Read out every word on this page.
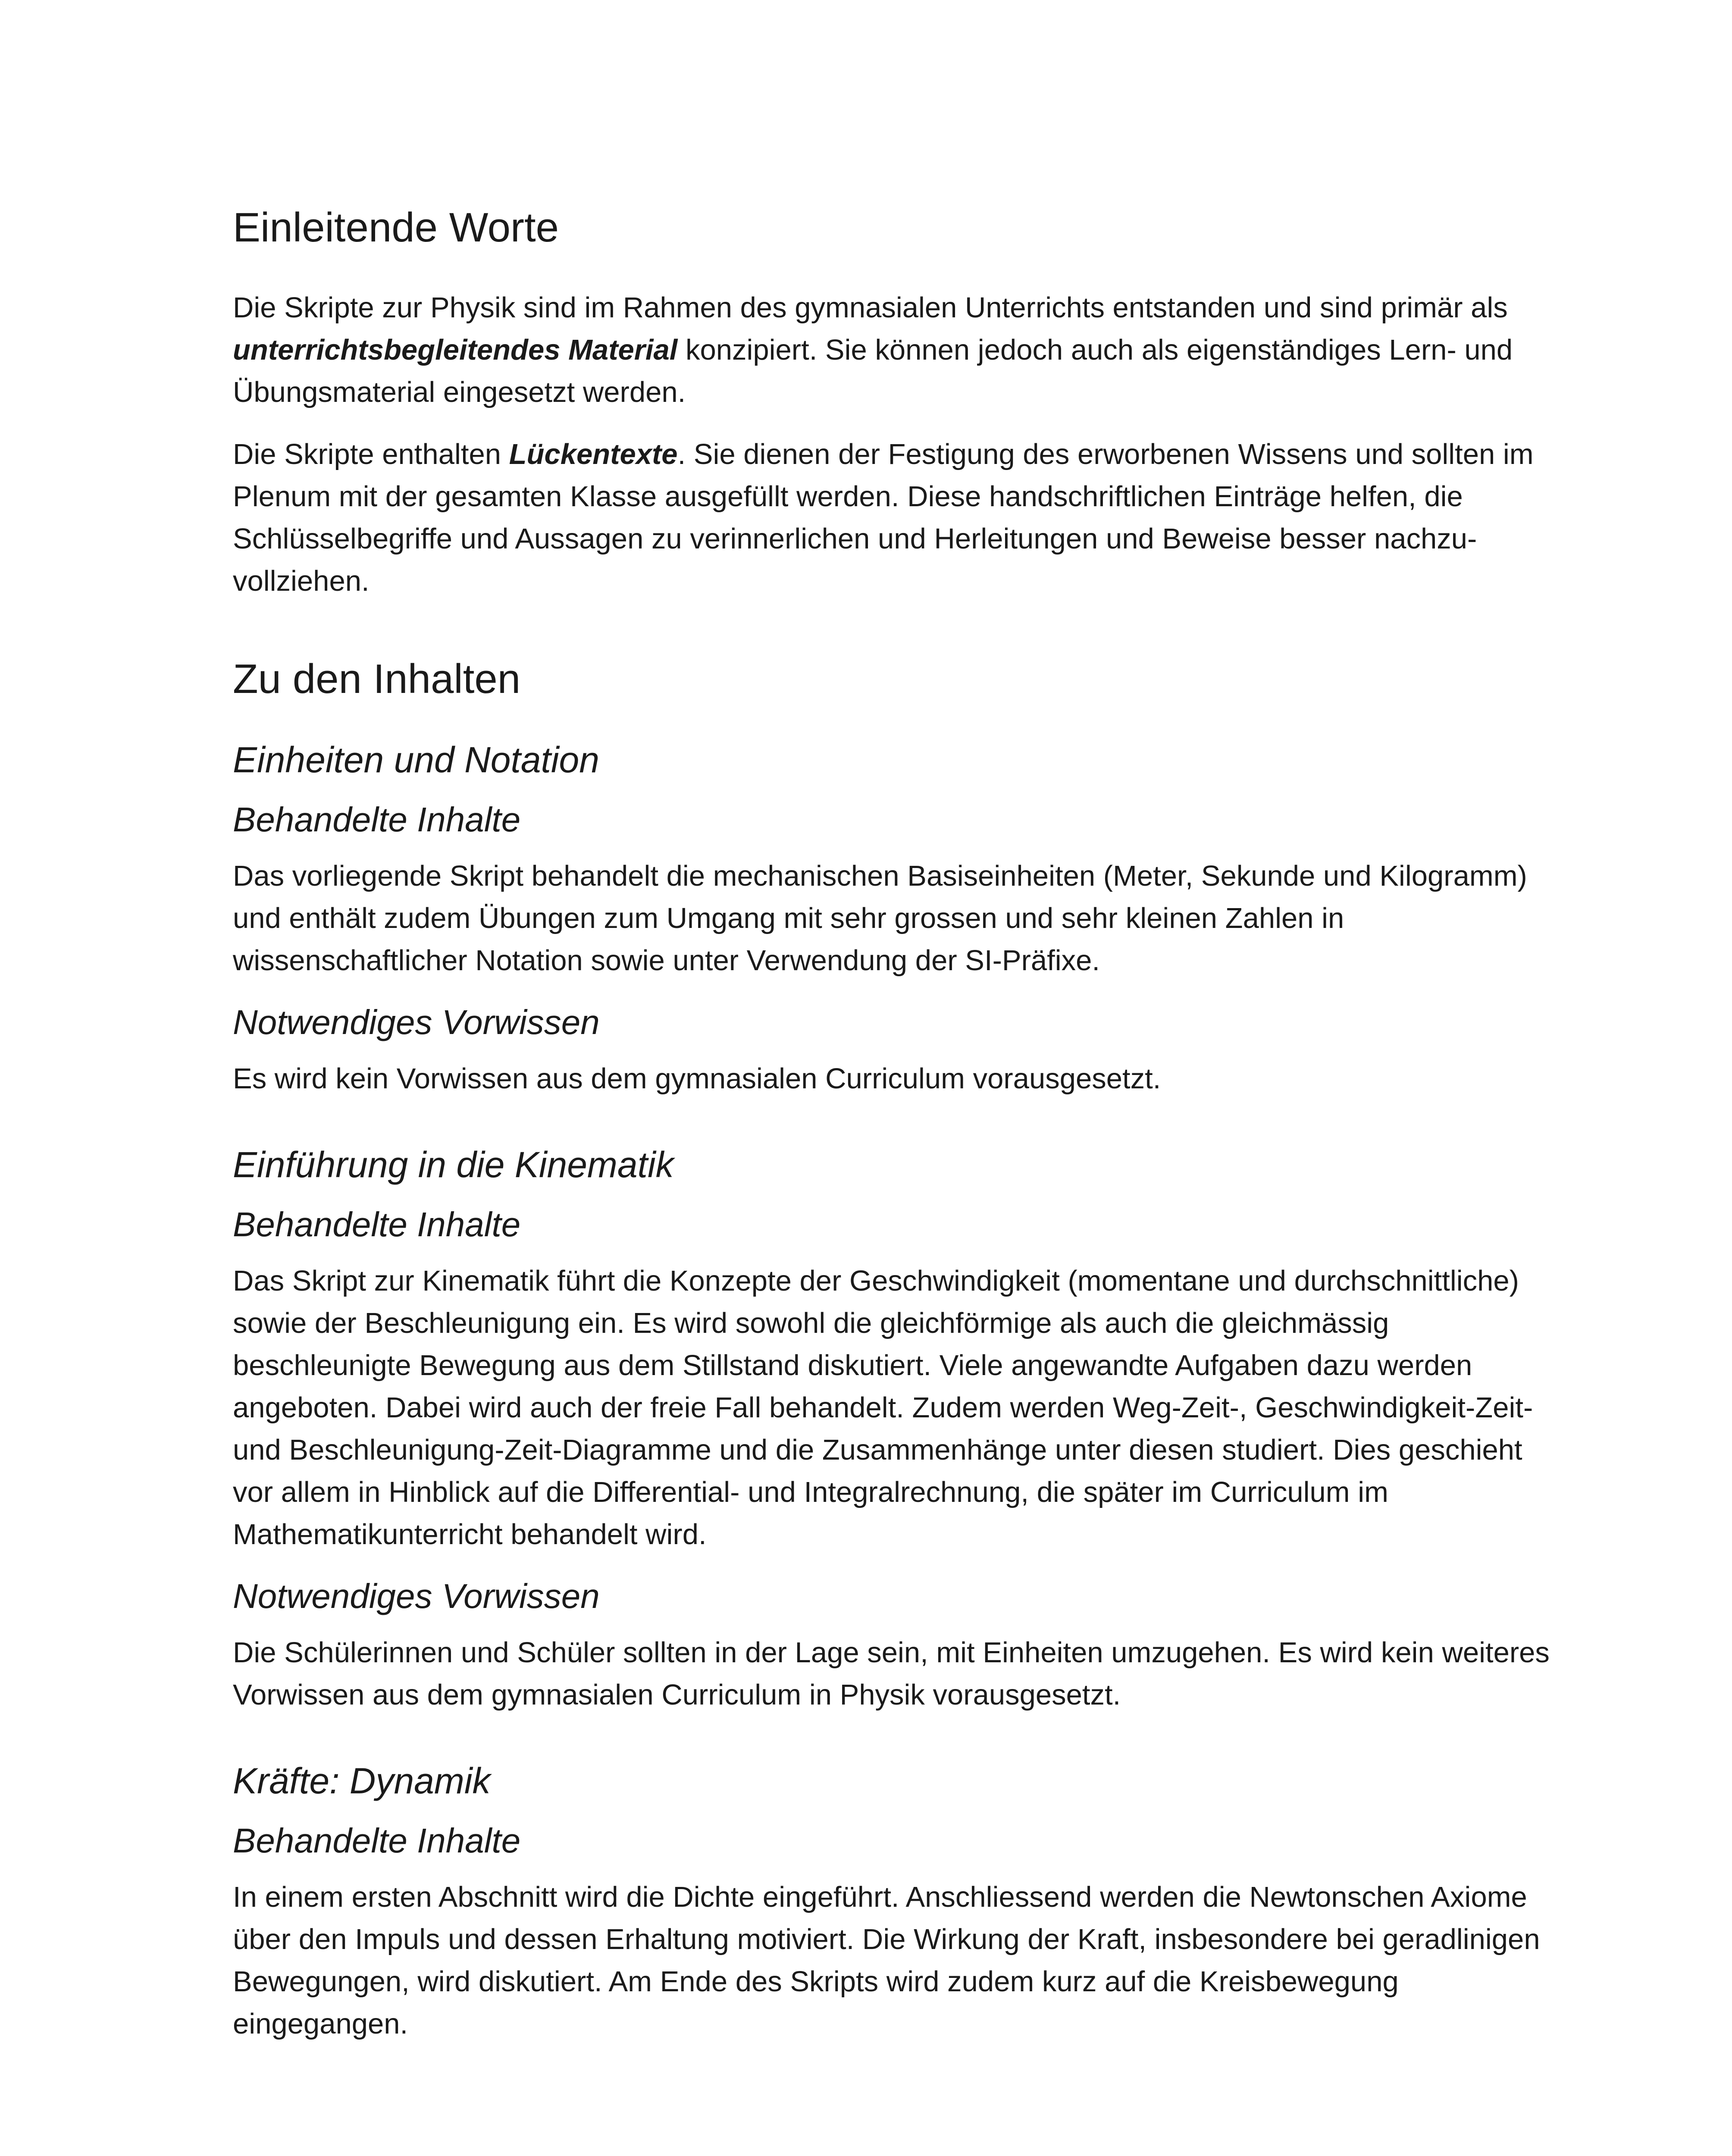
Einleitende Worte

Die Skripte zur Physik sind im Rahmen des gymnasialen Unterrichts entstanden und sind primär als unterrichtsbegleitendes Material konzipiert. Sie können jedoch auch als eigenständiges Lern- und Übungsmaterial eingesetzt werden.

Die Skripte enthalten Lückentexte. Sie dienen der Festigung des erworbenen Wissens und sollten im Plenum mit der gesamten Klasse ausgefüllt werden. Diese handschriftlichen Einträge helfen, die Schlüsselbegriffe und Aussagen zu verinnerlichen und Herleitungen und Beweise besser nachzuvollziehen.

Zu den Inhalten
Einheiten und Notation
Behandelte Inhalte

Das vorliegende Skript behandelt die mechanischen Basiseinheiten (Meter, Sekunde und Kilogramm) und enthält zudem Übungen zum Umgang mit sehr grossen und sehr kleinen Zahlen in wissenschaftlicher Notation sowie unter Verwendung der SI-Präfixe.

Notwendiges Vorwissen

Es wird kein Vorwissen aus dem gymnasialen Curriculum vorausgesetzt.

Einführung in die Kinematik
Behandelte Inhalte

Das Skript zur Kinematik führt die Konzepte der Geschwindigkeit (momentane und durchschnittliche) sowie der Beschleunigung ein. Es wird sowohl die gleichförmige als auch die gleichmässig beschleunigte Bewegung aus dem Stillstand diskutiert. Viele angewandte Aufgaben dazu werden angeboten. Dabei wird auch der freie Fall behandelt. Zudem werden Weg-Zeit-, Geschwindigkeit-Zeit- und Beschleunigung-Zeit-Diagramme und die Zusammenhänge unter diesen studiert. Dies geschieht vor allem in Hinblick auf die Differential- und Integralrechnung, die später im Curriculum im Mathematikunterricht behandelt wird.

Notwendiges Vorwissen

Die Schülerinnen und Schüler sollten in der Lage sein, mit Einheiten umzugehen. Es wird kein weiteres Vorwissen aus dem gymnasialen Curriculum in Physik vorausgesetzt.

Kräfte: Dynamik
Behandelte Inhalte

In einem ersten Abschnitt wird die Dichte eingeführt. Anschliessend werden die Newtonschen Axiome über den Impuls und dessen Erhaltung motiviert. Die Wirkung der Kraft, insbesondere bei geradlinigen Bewegungen, wird diskutiert. Am Ende des Skripts wird zudem kurz auf die Kreisbewegung eingegangen.
